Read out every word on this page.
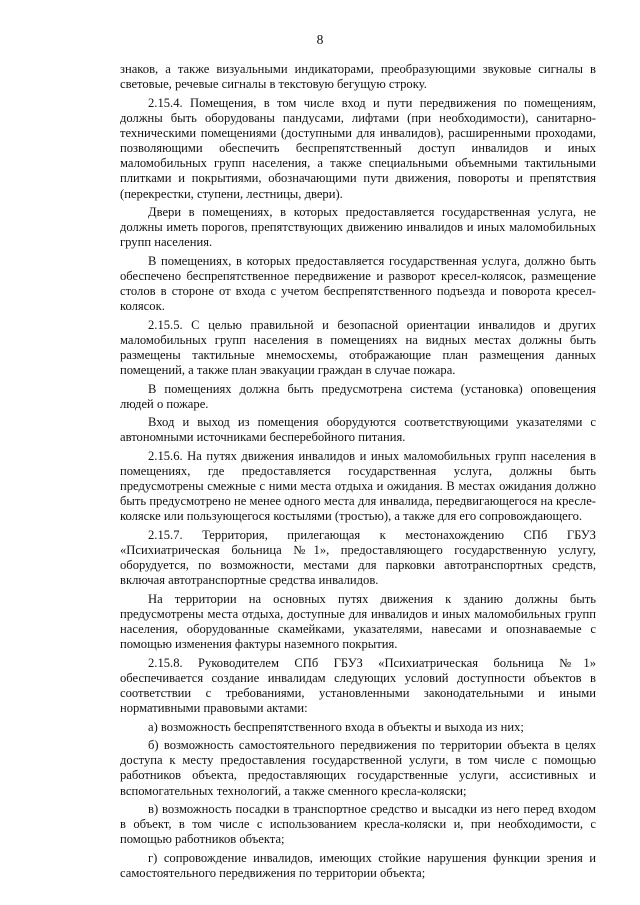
8

знаков, а также визуальными индикаторами, преобразующими звуковые сигналы в световые, речевые сигналы в текстовую бегущую строку.

2.15.4. Помещения, в том числе вход и пути передвижения по помещениям, должны быть оборудованы пандусами, лифтами (при необходимости), санитарно-техническими помещениями (доступными для инвалидов), расширенными проходами, позволяющими обеспечить беспрепятственный доступ инвалидов и иных маломобильных групп населения, а также специальными объемными тактильными плитками и покрытиями, обозначающими пути движения, повороты и препятствия (перекрестки, ступени, лестницы, двери).

Двери в помещениях, в которых предоставляется государственная услуга, не должны иметь порогов, препятствующих движению инвалидов и иных маломобильных групп населения.

В помещениях, в которых предоставляется государственная услуга, должно быть обеспечено беспрепятственное передвижение и разворот кресел-колясок, размещение столов в стороне от входа с учетом беспрепятственного подъезда и поворота кресел-колясок.

2.15.5. С целью правильной и безопасной ориентации инвалидов и других маломобильных групп населения в помещениях на видных местах должны быть размещены тактильные мнемосхемы, отображающие план размещения данных помещений, а также план эвакуации граждан в случае пожара.

В помещениях должна быть предусмотрена система (установка) оповещения людей о пожаре.

Вход и выход из помещения оборудуются соответствующими указателями с автономными источниками бесперебойного питания.

2.15.6. На путях движения инвалидов и иных маломобильных групп населения в помещениях, где предоставляется государственная услуга, должны быть предусмотрены смежные с ними места отдыха и ожидания. В местах ожидания должно быть предусмотрено не менее одного места для инвалида, передвигающегося на кресле-коляске или пользующегося костылями (тростью), а также для его сопровождающего.

2.15.7. Территория, прилегающая к местонахождению СПб ГБУЗ «Психиатрическая больница №1», предоставляющего государственную услугу, оборудуется, по возможности, местами для парковки автотранспортных средств, включая автотранспортные средства инвалидов.

На территории на основных путях движения к зданию должны быть предусмотрены места отдыха, доступные для инвалидов и иных маломобильных групп населения, оборудованные скамейками, указателями, навесами и опознаваемые с помощью изменения фактуры наземного покрытия.

2.15.8. Руководителем СПб ГБУЗ «Психиатрическая больница №1» обеспечивается создание инвалидам следующих условий доступности объектов в соответствии с требованиями, установленными законодательными и иными нормативными правовыми актами:

а) возможность беспрепятственного входа в объекты и выхода из них;

б) возможность самостоятельного передвижения по территории объекта в целях доступа к месту предоставления государственной услуги, в том числе с помощью работников объекта, предоставляющих государственные услуги, ассистивных и вспомогательных технологий, а также сменного кресла-коляски;

в) возможность посадки в транспортное средство и высадки из него перед входом в объект, в том числе с использованием кресла-коляски и, при необходимости, с помощью работников объекта;

г) сопровождение инвалидов, имеющих стойкие нарушения функции зрения и самостоятельного передвижения по территории объекта;
